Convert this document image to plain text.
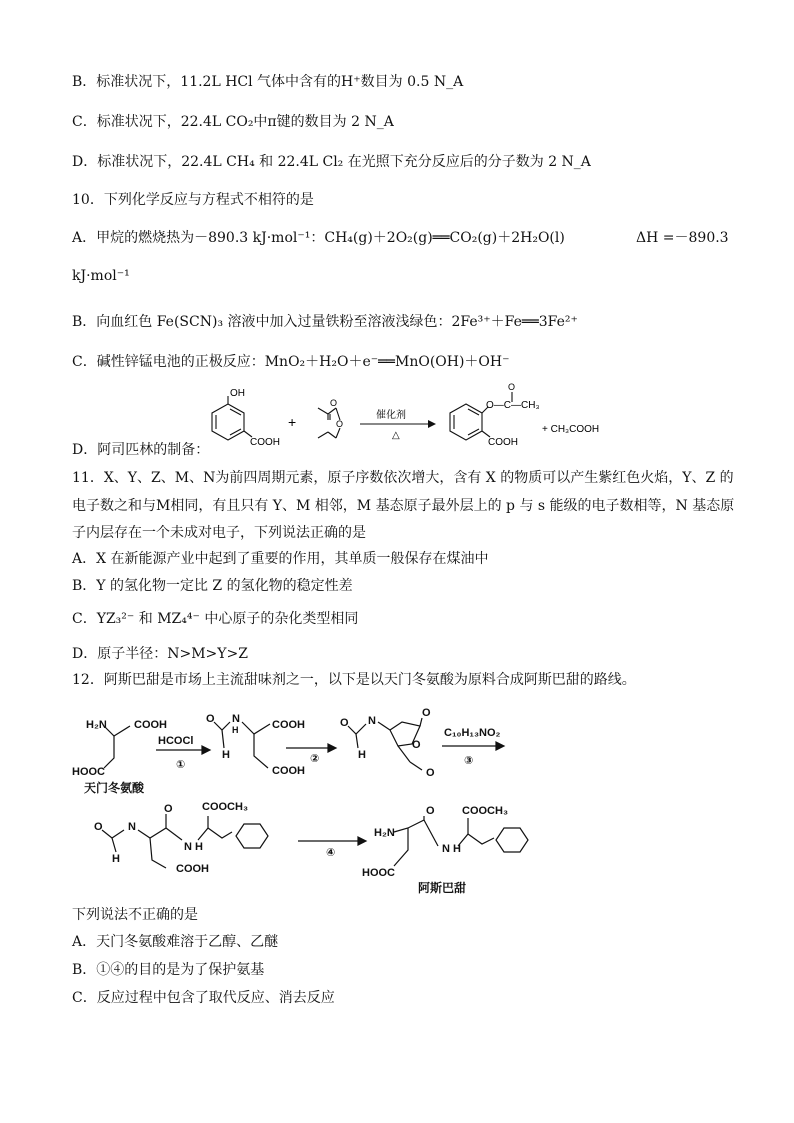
B．标准状况下，11.2L HCl 气体中含有的H⁺数目为 0.5 N_A
C．标准状况下，22.4L CO₂中π键的数目为 2 N_A
D．标准状况下，22.4L CH₄ 和 22.4L Cl₂ 在光照下充分反应后的分子数为 2 N_A
10．下列化学反应与方程式不相符的是
A．甲烷的燃烧热为－890.3 kJ·mol⁻¹：CH₄(g)＋2O₂(g)══CO₂(g)＋2H₂O(l)	ΔH =－890.3
kJ·mol⁻¹
B．向血红色 Fe(SCN)₃ 溶液中加入过量铁粉至溶液浅绿色：2Fe³⁺＋Fe══3Fe²⁺
C．碱性锌锰电池的正极反应：MnO₂＋H₂O＋e⁻══MnO(OH)＋OH⁻
D．阿司匹林的制备：
OH
COOH
+	O
O
催化剂
△
O—C—CH₃
O
COOH
+ CH₃COOH
11．X、Y、Z、M、N为前四周期元素，原子序数依次增大，含有 X 的物质可以产生紫红色火焰，Y、Z 的
电子数之和与M相同，有且只有 Y、M 相邻，M 基态原子最外层上的 p 与 s 能级的电子数相等，N 基态原
子内层存在一个未成对电子，下列说法正确的是
A．X 在新能源产业中起到了重要的作用，其单质一般保存在煤油中
B．Y 的氢化物一定比 Z 的氢化物的稳定性差
C．YZ₃²⁻ 和 MZ₄⁴⁻ 中心原子的杂化类型相同
D．原子半径：N>M>Y>Z
12．阿斯巴甜是市场上主流甜味剂之一，以下是以天门冬氨酸为原料合成阿斯巴甜的路线。
H₂N COOH
HOOC
天门冬氨酸
HCOCl
①
O N
H	COOH
H
COOH
②
O N
H
O
O
O
C₁₀H₁₃NO₂
③
O N
H
O
N H
COOCH₃
COOH
④
H₂N
O
N H
COOCH₃
HOOC
阿斯巴甜
下列说法不正确的是
A．天门冬氨酸难溶于乙醇、乙醚
B．①④的目的是为了保护氨基
C．反应过程中包含了取代反应、消去反应
